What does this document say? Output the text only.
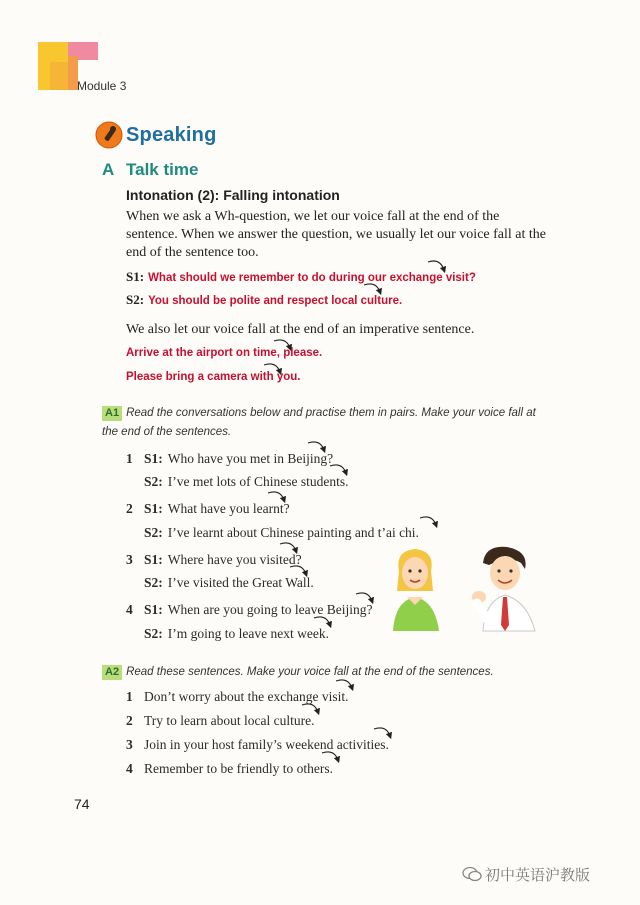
Module 3
Speaking
A Talk time
Intonation (2): Falling intonation
When we ask a Wh-question, we let our voice fall at the end of the sentence. When we answer the question, we usually let our voice fall at the end of the sentence too.
S1: What should we remember to do during our exchange visit?
S2: You should be polite and respect local culture.
We also let our voice fall at the end of an imperative sentence.
Arrive at the airport on time, please.
Please bring a camera with you.
A1 Read the conversations below and practise them in pairs. Make your voice fall at the end of the sentences.
1 S1: Who have you met in Beijing?
S2: I’ve met lots of Chinese students.
2 S1: What have you learnt?
S2: I’ve learnt about Chinese painting and t’ai chi.
3 S1: Where have you visited?
S2: I’ve visited the Great Wall.
4 S1: When are you going to leave Beijing?
S2: I’m going to leave next week.
A2 Read these sentences. Make your voice fall at the end of the sentences.
1 Don’t worry about the exchange visit.
2 Try to learn about local culture.
3 Join in your host family’s weekend activities.
4 Remember to be friendly to others.
74
初中英语沪教版
